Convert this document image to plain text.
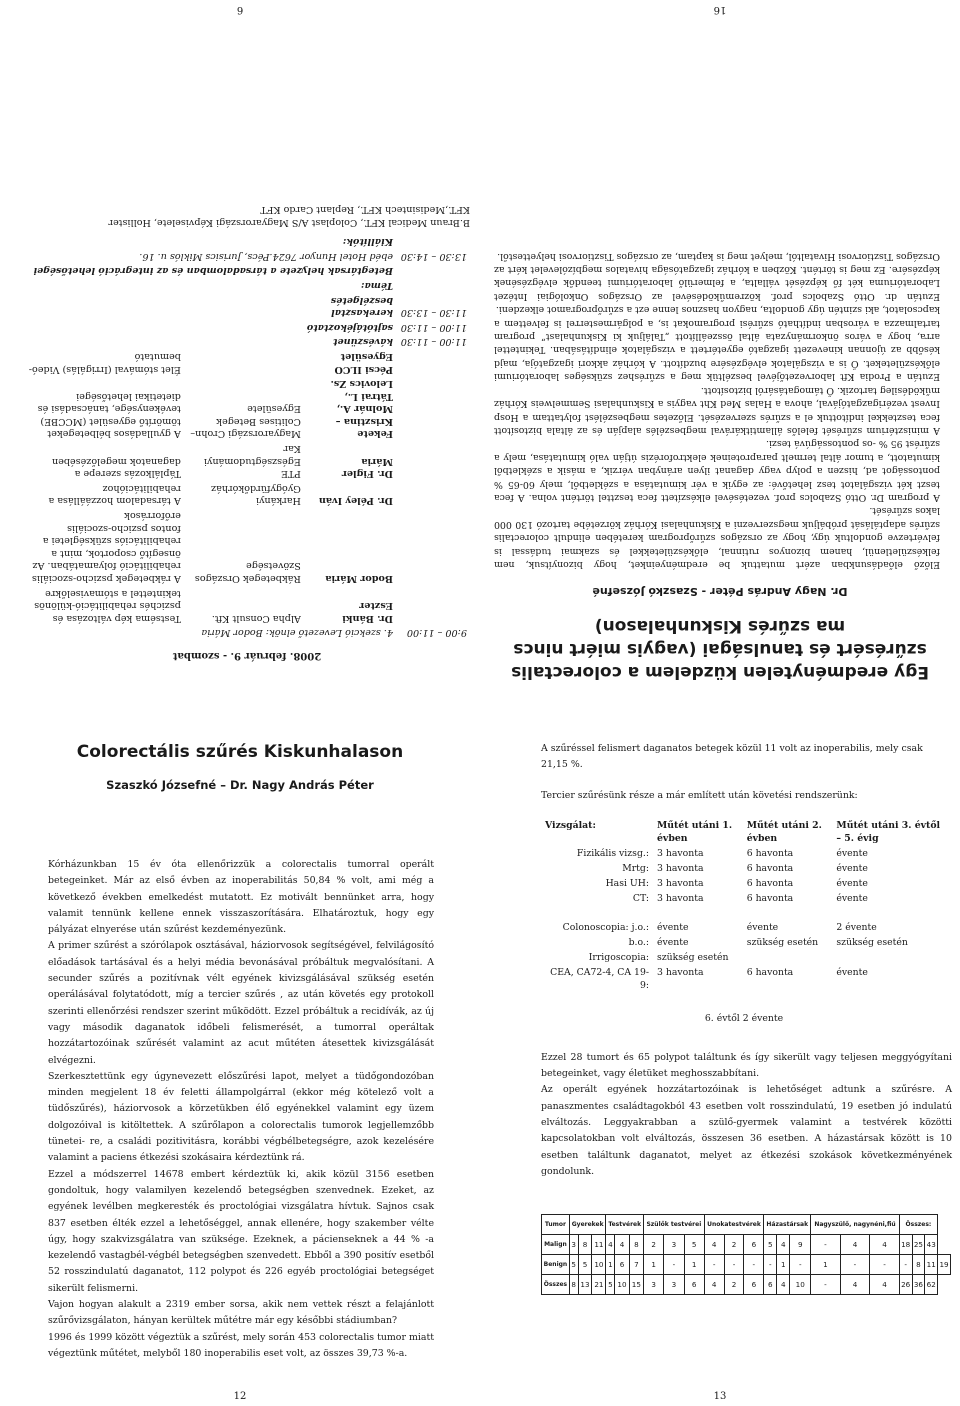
Egy eredménytelen küzdelem a colorectalis szűrésért és tanulságai (vagyis miért nincs ma szűrés Kiskunhalason)
Dr. Nagy András Péter - Szaszkó Józsefné

Előző előadásunkban azért mutattuk be eredményeinket, hogy bizonyítsuk, nem felkészületlenül, hanem bizonyos rutinnal, előkészületekkel és szakmai tudással is felvértezve gondoltuk úgy, hogy az országos szűrőprogram keretében elindult colorectalis szűrés adaptálását próbáljuk megszervezni a Kiskunhalasi Kórház körzetébe tartozó 130 000 lakos szűrését.

A program Dr. Ottó Szabolcs prof. vezetésével elkészített feca teszttel történt volna. A feca teszt két vizsgálatot tesz lehetővé: az egyik a vér kimutatása a székletből, mely 60-65 % pontosságot ad, hiszen a polyp vagy daganat ilyen arányban vérzik, a másik a székletből kimutatott, a tumor által termelt paraproteinek elektroforézis útján való kimutatása, mely a szűrést 95 % -os pontosságúvá teszi.

A minisztérium szűrését felelős államtitkárával megbeszélés alapján és az általa biztosított feca tesztekkel indítottuk el a szűrés szervezését. Előzetes megbeszélést folytattam a Hosp Invest vezérigazgatójával, ahova a Halas Med Kht vagyis a Kiskunhalasi Semmelweis Kórház működésileg tartozik. Ő támogatásáról biztosított.

Ezután a Prodia Kft laborvezetőjével beszéltük meg a szűréshez szükséges laboratóriumi előkészületeket. Ő is a vizsgálatok elvégzésére buzdított. A kórház akkori igazgatója, majd később az újonnan kinevezett igazgató egyetértett a vizsgálatok elindításában. Tekintettel arra, hogy a város önkormányzata által összeállított „Találjuk ki Kiskunhalast” program tartalmazza a városban indítható szűrési programokat is, a polgármesterrel is felvettem a kapcsolatot, aki szintén úgy gondolta, nagyon hasznos lenne ezt a szűrőprogramot elkezdeni.

Ezután dr. Ottó Szabolcs prof. közreműködésével az Országos Onkológiai Intézet Laboratóriuma két fő képzését vállalta, a felmerülő laboratóriumi teendők elvégzésének képzésére. Ez meg is történt. Közben a kórház igazgatósága hivatalos megbízólevelet kért az Országos Tisztiorvosi Hivataltól, melyet meg is kaptam, az országos Tisztiorvosi helyettestől.

16
2008. február 9. - szombat
9:00 – 11:00	4. szekció Levezető elnök: Bodor Mária		
	Dr. Bánki Eszter	Alpha Consult Kft.	Testséma kép változása és pszichés rehabilitáció-különös tekintettel a stómaviselőkre
	Bodor Mária	Rákbetegek Országos Szövetsége	A rákbetegek pszicho-szociális rehabilitáció folyamatában. Az önsegítő csoportok, mint a rehabilitációs szükségletei a fontos pszicho-szociális erőforrások
	Dr. Péley Iván	Harkányi Gyógyfürdőkórház	A társadalom hozzáállása a rehabilitációhoz
	Dr. Figler Mária	PTE Egészségtudományi Kar	Táplálkozás szerepe a daganatok megelőzésében
	Fekete Krisztina – Molnár A., Tátrai L., Lelovics Zs.	Magyarországi Crohn–Colitises Betegek Egyesülete	A gyulladásos bélbetegeket tömörítő egyesület (MCCBE) tevékenysége, tanácsadási és dietetikai lehetőségei
	Pécsi ILCO Egyesület		Élet stómával (Irrigálás) Videó-bemutató
11:00 – 11:30	kávészünet		
11:00 – 11:30	sajtótájékoztató		
11:30 – 13:30	kerekasztal beszélgetés		
	Téma:		
	Betegtársak helyzete a társadalomban és az integráció lehetőségei		
13:30 – 14:30	ebéd Hotel Hunyor 7624.Pécs, Jurisics Miklós u. 16.		
	Kiállítók:		
B.Braun Medical KFT., Coloplast A/S Magyarországi Képviselete, Hollister KFT.,Medisintech KFT., Replant Cardo KFT
6
Colorectális szűrés Kiskunhalason
Szaszkó Józsefné – Dr. Nagy András Péter

Kórházunkban 15 év óta ellenőrizzük a colorectalis tumorral operált betegeinket. Már az első évben az inoperabilitás 50,84 % volt, ami még a következő években emelkedést mutatott. Ez motivált bennünket arra, hogy valamit tennünk kellene ennek visszaszorítására. Elhatároztuk, hogy egy pályázat elnyerése után szűrést kezdeményezünk.

A primer szűrést a szórólapok osztásával, háziorvosok segítségével, felvilágosító előadások tartásával és a helyi média bevonásával próbáltuk megvalósítani. A secunder szűrés a pozitívnak vélt egyének kivizsgálásával szükség esetén operálásával folytatódott, míg a tercier szűrés , az után követés egy protokoll szerinti ellenőrzési rendszer szerint működött. Ezzel próbáltuk a recidívák, az új vagy második daganatok időbeli felismerését, a tumorral operáltak hozzátartozóinak szűrését valamint az acut műtéten átesettek kivizsgálását elvégezni.

Szerkesztettünk egy úgynevezett előszűrési lapot, melyet a tüdőgondozóban minden megjelent 18 év feletti állampolgárral (ekkor még kötelező volt a tüdőszűrés), háziorvosok a körzetükben élő egyénekkel valamint egy üzem dolgozóival is kitöltettek. A szűrőlapon a colorectalis tumorok legjellemzőbb tünetei- re, a családi pozitivitásra, korábbi végbélbetegségre, azok kezelésére valamint a paciens étkezési szokásaira kérdeztünk rá.

Ezzel a módszerrel 14678 embert kérdeztük ki, akik közül 3156 esetben gondoltuk, hogy valamilyen kezelendő betegségben szenvednek. Ezeket, az egyének levélben megkeresték és proctológiai vizsgálatra hívtuk. Sajnos csak 837 esetben élték ezzel a lehetőséggel, annak ellenére, hogy szakember vélte úgy, hogy szakvizsgálatra van szüksége. Ezeknek, a pácienseknek a 44 % -a kezelendő vastagbél-végbél betegségben szenvedett. Ebből a 390 positív esetből 52 rosszindulatú daganatot, 112 polypot és 226 egyéb proctológiai betegséget sikerült felismerni.

Vajon hogyan alakult a 2319 ember sorsa, akik nem vettek részt a felajánlott szűrővizsgálaton, hányan kerültek műtétre már egy későbbi stádiumban?

1996 és 1999 között végeztük a szűrést, mely során 453 colorectalis tumor miatt végeztünk műtétet, melyből 180 inoperabilis eset volt, az összes 39,73 %-a.

12

A szűréssel felismert daganatos betegek közül 11 volt az inoperabilis, mely csak 21,15 %.

Tercier szűrésünk része a már említett után követési rendszerünk:

Vizsgálat:	Műtét utáni 1. évben	Műtét utáni 2. évben	Műtét utáni 3. évtől – 5. évig
Fizikális vizsg.:	3 havonta	6 havonta	évente
Mrtg:	3 havonta	6 havonta	évente
Hasi UH:	3 havonta	6 havonta	évente
CT:	3 havonta	6 havonta	évente

Colonoscopia: j.o.:	évente	évente	2 évente
b.o.:	évente	szükség esetén	szükség esetén
Irrigoscopia:	szükség esetén		
CEA, CA72-4, CA 19-9:	3 havonta	6 havonta	évente
6. évtől 2 évente

Ezzel 28 tumort és 65 polypot találtunk és így sikerült vagy teljesen meggyógyítani betegeinket, vagy életüket meghosszabbítani.

Az operált egyének hozzátartozóinak is lehetőséget adtunk a szűrésre. A panaszmentes családtagokból 43 esetben volt rosszindulatú, 19 esetben jó indulatú elváltozás. Leggyakrabban a szülő-gyermek valamint a testvérek közötti kapcsolatokban volt elváltozás, összesen 36 esetben. A házastársak között is 10 esetben találtunk daganatot, melyet az étkezési szokások következményének gondolunk.

Tumor	Gyerekek			Testvérek			Szülők testvérei			Unokatestvérek			Házastársak			Nagyszülő, nagynéni,fiú			Összes:			
Malign	3	8	11	4	4	8	2	3	5	4	2	6	5	4	9	-	4	4	18	25	43	
Benign	5	5	10	1	6	7	1	-	1	-	-	-	-	1	-	1	-	-	-	8	11	19
Összes	8	13	21	5	10	15	3	3	6	4	2	6	6	4	10	-	4	4	26	36	62	
13
